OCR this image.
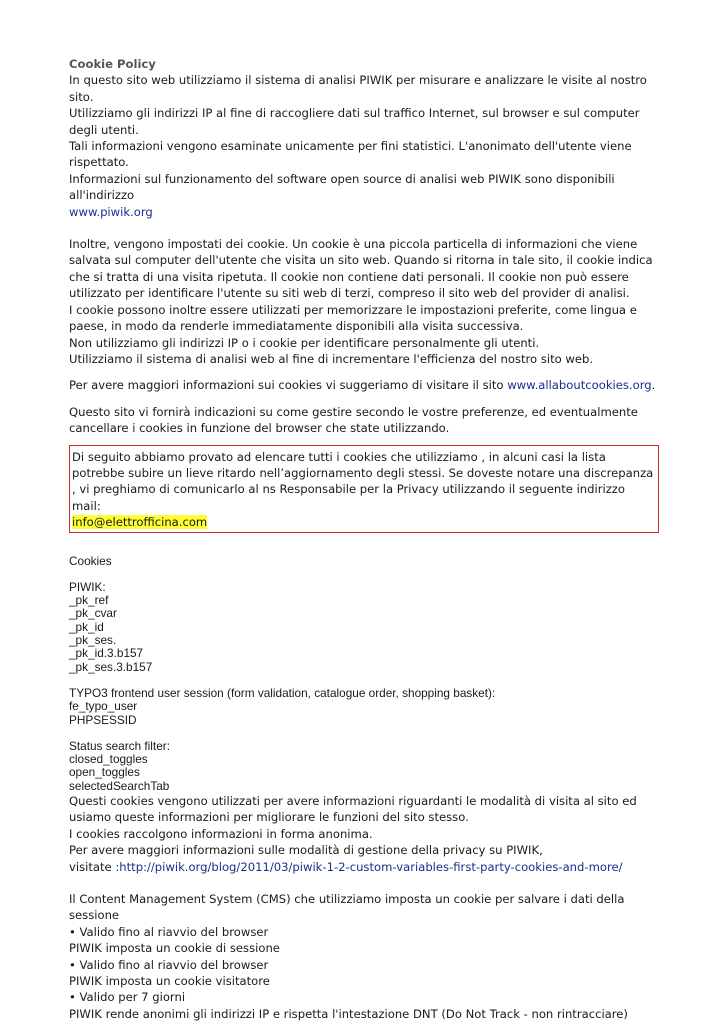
Cookie Policy

In questo sito web utilizziamo il sistema di analisi PIWIK per misurare e analizzare le visite al nostro sito.

Utilizziamo gli indirizzi IP al fine di raccogliere dati sul traffico Internet, sul browser e sul computer degli utenti.

Tali informazioni vengono esaminate unicamente per fini statistici. L'anonimato dell'utente viene rispettato.

Informazioni sul funzionamento del software open source di analisi web PIWIK sono disponibili all'indirizzo

www.piwik.org

Inoltre, vengono impostati dei cookie. Un cookie è una piccola particella di informazioni che viene salvata sul computer dell'utente che visita un sito web. Quando si ritorna in tale sito, il cookie indica che si tratta di una visita ripetuta. Il cookie non contiene dati personali. Il cookie non può essere utilizzato per identificare l'utente su siti web di terzi, compreso il sito web del provider di analisi.

I cookie possono inoltre essere utilizzati per memorizzare le impostazioni preferite, come lingua e paese, in modo da renderle immediatamente disponibili alla visita successiva.

Non utilizziamo gli indirizzi IP o i cookie per identificare personalmente gli utenti.

Utilizziamo il sistema di analisi web al fine di incrementare l'efficienza del nostro sito web.

Per avere maggiori informazioni sui cookies vi suggeriamo di visitare il sito www.allaboutcookies.org.

Questo sito vi fornirà indicazioni su come gestire secondo le vostre preferenze, ed eventualmente cancellare i cookies in funzione del browser che state utilizzando.

Di seguito abbiamo provato ad elencare tutti i cookies che utilizziamo , in alcuni casi la lista potrebbe subire un lieve ritardo nell’aggiornamento degli stessi. Se doveste notare una discrepanza , vi preghiamo di comunicarlo al ns Responsabile per la Privacy utilizzando il seguente indirizzo mail:

info@elettrofficina.com

Cookies

PIWIK:

_pk_ref

_pk_cvar

_pk_id

_pk_ses.

_pk_id.3.b157

_pk_ses.3.b157

TYPO3 frontend user session (form validation, catalogue order, shopping basket):

fe_typo_user

PHPSESSID

Status search filter:

closed_toggles

open_toggles

selectedSearchTab

Questi cookies vengono utilizzati per avere informazioni riguardanti le modalità di visita al sito ed usiamo queste informazioni per migliorare le funzioni del sito stesso.

I cookies raccolgono informazioni in forma anonima.

Per avere maggiori informazioni sulle modalità di gestione della privacy su PIWIK,

visitate :http://piwik.org/blog/2011/03/piwik-1-2-custom-variables-first-party-cookies-and-more/

Il Content Management System (CMS) che utilizziamo imposta un cookie per salvare i dati della sessione

• Valido fino al riavvio del browser

PIWIK imposta un cookie di sessione

• Valido fino al riavvio del browser

PIWIK imposta un cookie visitatore

• Valido per 7 giorni

PIWIK rende anonimi gli indirizzi IP e rispetta l'intestazione DNT (Do Not Track - non rintracciare)
